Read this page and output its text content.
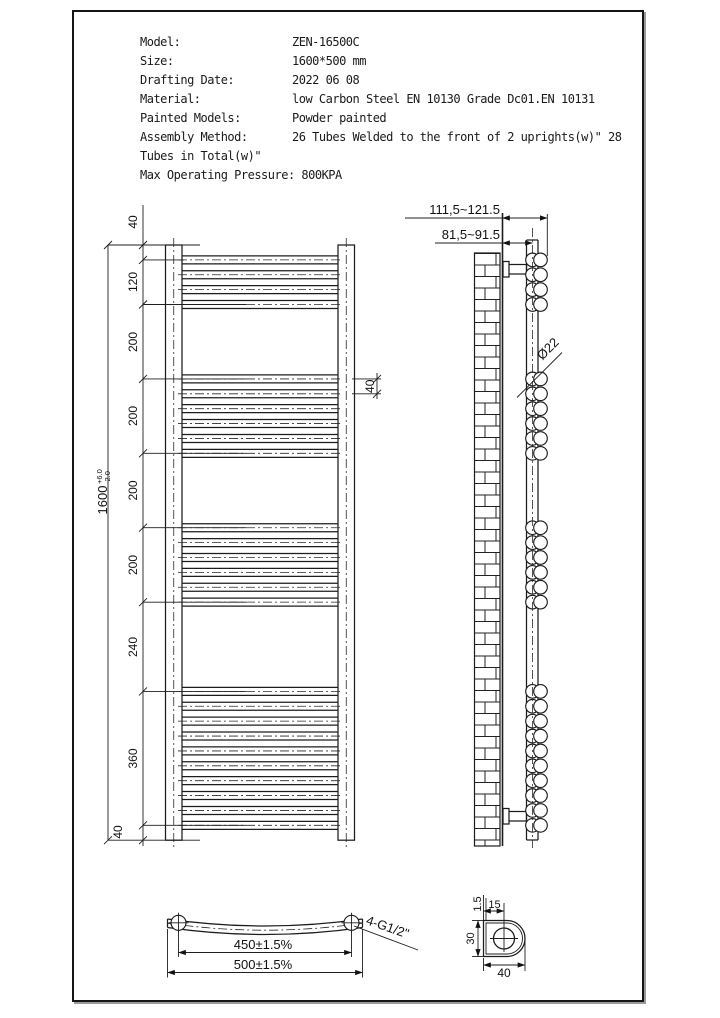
Model:	ZEN-16500C
Size:	1600*500 mm
Drafting Date:	2022 06 08
Material:	low Carbon Steel EN 10130 Grade Dc01.EN 10131
Painted Models:	Powder painted
Assembly Method:	26 Tubes Welded to the front of 2 uprights(w)" 28
Tubes in Total(w)"
Max Operating Pressure: 800KPA
1600
+6.0 -2.0
40
120
200
200
200
200
240
360
40
40
111,5~121.5
81,5~91.5
Ø22
4-G1/2"
450±1.5%
500±1.5%
1.5 15
30
40
